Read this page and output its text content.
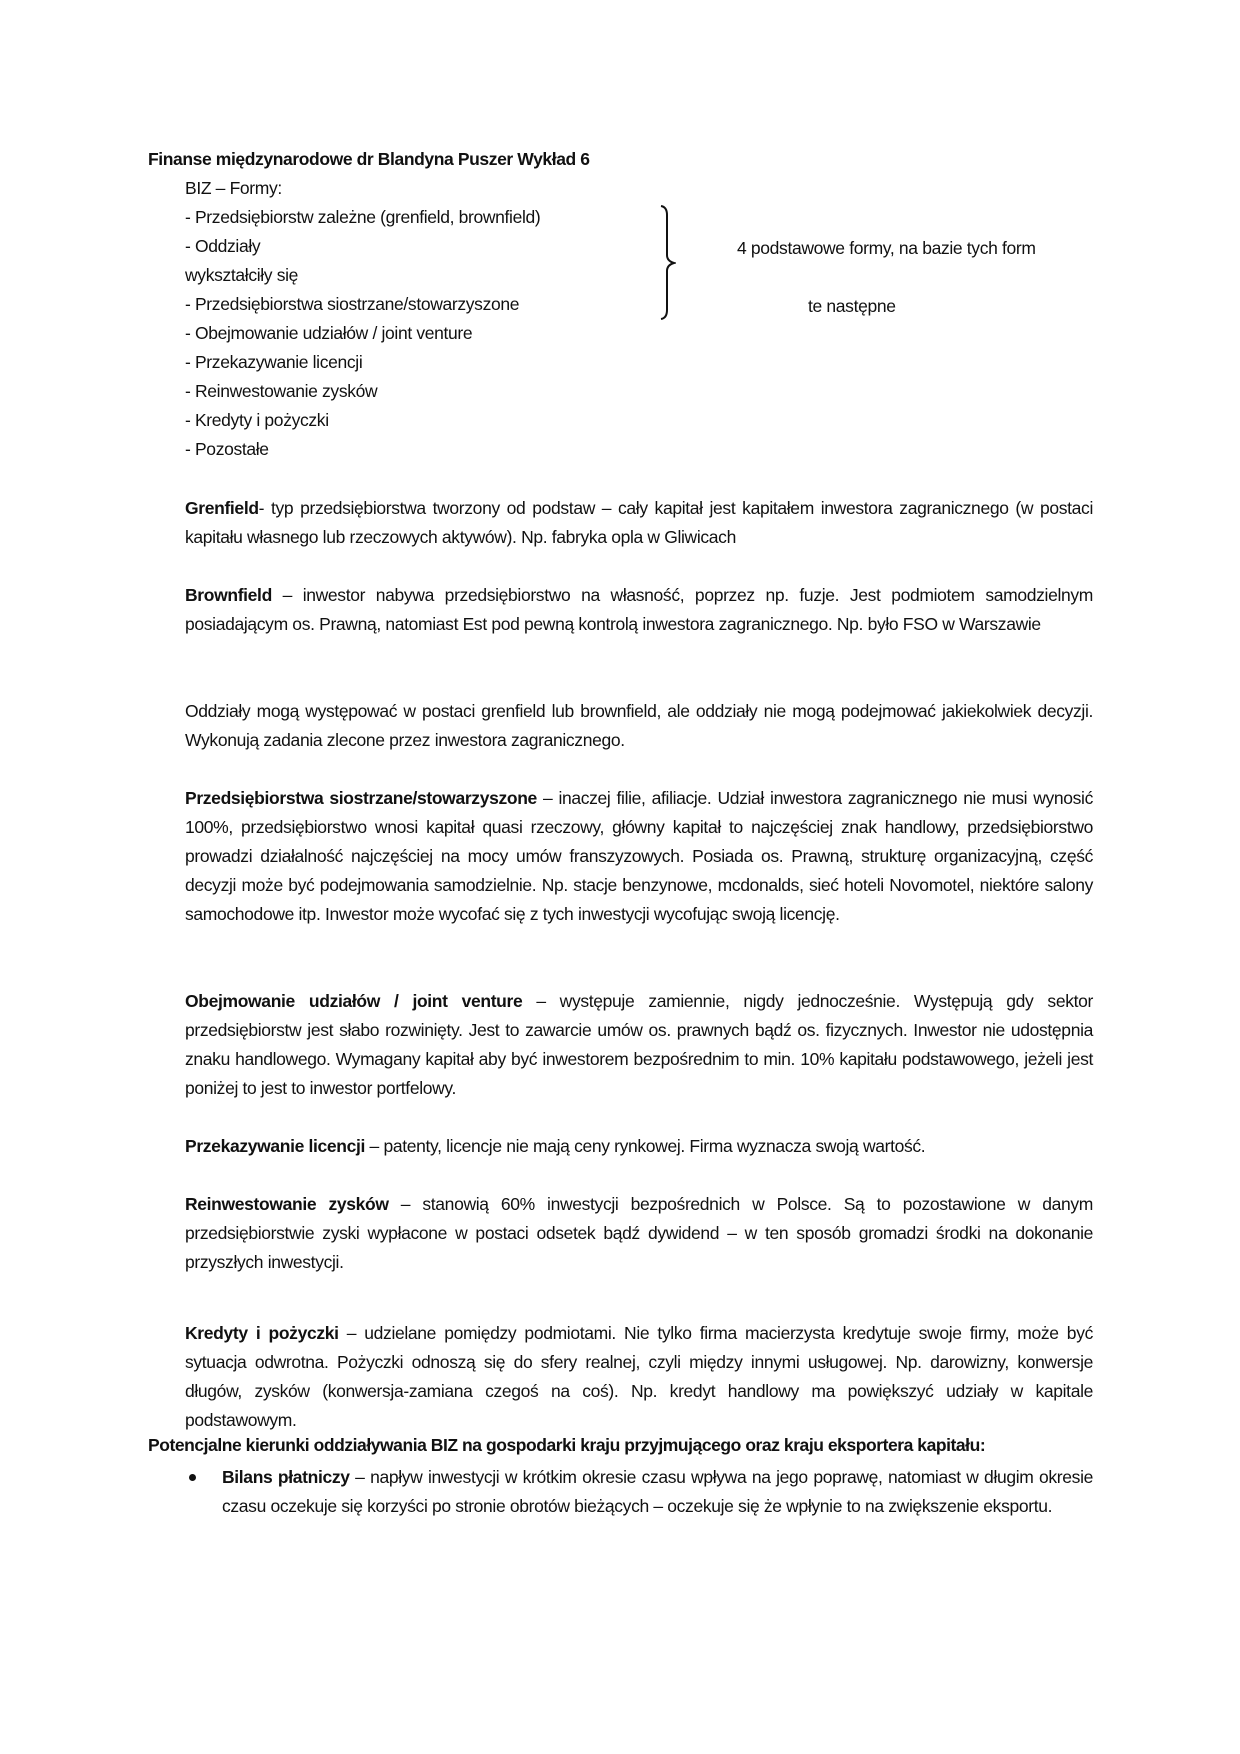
Finanse międzynarodowe dr Blandyna Puszer Wykład 6
BIZ – Formy:
- Przedsiębiorstw zależne (grenfield, brownfield)
- Oddziały
wykształciły się
- Przedsiębiorstwa siostrzane/stowarzyszone
- Obejmowanie udziałów / joint venture
- Przekazywanie licencji
- Reinwestowanie zysków
- Kredyty i pożyczki
- Pozostałe
4 podstawowe formy, na bazie tych form
te następne
Grenfield- typ przedsiębiorstwa tworzony od podstaw – cały kapitał jest kapitałem inwestora zagranicznego (w postaci kapitału własnego lub rzeczowych aktywów). Np. fabryka opla w Gliwicach
Brownfield – inwestor nabywa przedsiębiorstwo na własność, poprzez np. fuzje. Jest podmiotem samodzielnym posiadającym os. Prawną, natomiast Est pod pewną kontrolą inwestora zagranicznego. Np. było FSO w Warszawie
Oddziały mogą występować w postaci grenfield lub brownfield, ale oddziały nie mogą podejmować jakiekolwiek decyzji. Wykonują zadania zlecone przez inwestora zagranicznego.
Przedsiębiorstwa siostrzane/stowarzyszone – inaczej filie, afiliacje. Udział inwestora zagranicznego nie musi wynosić 100%, przedsiębiorstwo wnosi kapitał quasi rzeczowy, główny kapitał to najczęściej znak handlowy, przedsiębiorstwo prowadzi działalność najczęściej na mocy umów franszyzowych. Posiada os. Prawną, strukturę organizacyjną, część decyzji może być podejmowania samodzielnie. Np. stacje benzynowe, mcdonalds, sieć hoteli Novomotel, niektóre salony samochodowe itp. Inwestor może wycofać się z tych inwestycji wycofując swoją licencję.
Obejmowanie udziałów / joint venture – występuje zamiennie, nigdy jednocześnie. Występują gdy sektor przedsiębiorstw jest słabo rozwinięty. Jest to zawarcie umów os. prawnych bądź os. fizycznych. Inwestor nie udostępnia znaku handlowego. Wymagany kapitał aby być inwestorem bezpośrednim to min. 10% kapitału podstawowego, jeżeli jest poniżej to jest to inwestor portfelowy.
Przekazywanie licencji – patenty, licencje nie mają ceny rynkowej. Firma wyznacza swoją wartość.
Reinwestowanie zysków – stanowią 60% inwestycji bezpośrednich w Polsce. Są to pozostawione w danym przedsiębiorstwie zyski wypłacone w postaci odsetek bądź dywidend – w ten sposób gromadzi środki na dokonanie przyszłych inwestycji.
Kredyty i pożyczki – udzielane pomiędzy podmiotami. Nie tylko firma macierzysta kredytuje swoje firmy, może być sytuacja odwrotna. Pożyczki odnoszą się do sfery realnej, czyli między innymi usługowej. Np. darowizny, konwersje długów, zysków (konwersja-zamiana czegoś na coś). Np. kredyt handlowy ma powiększyć udziały w kapitale podstawowym.
Potencjalne kierunki oddziaływania BIZ na gospodarki kraju przyjmującego oraz kraju eksportera kapitału:
Bilans płatniczy – napływ inwestycji w krótkim okresie czasu wpływa na jego poprawę, natomiast w długim okresie czasu oczekuje się korzyści po stronie obrotów bieżących – oczekuje się że wpłynie to na zwiększenie eksportu.
